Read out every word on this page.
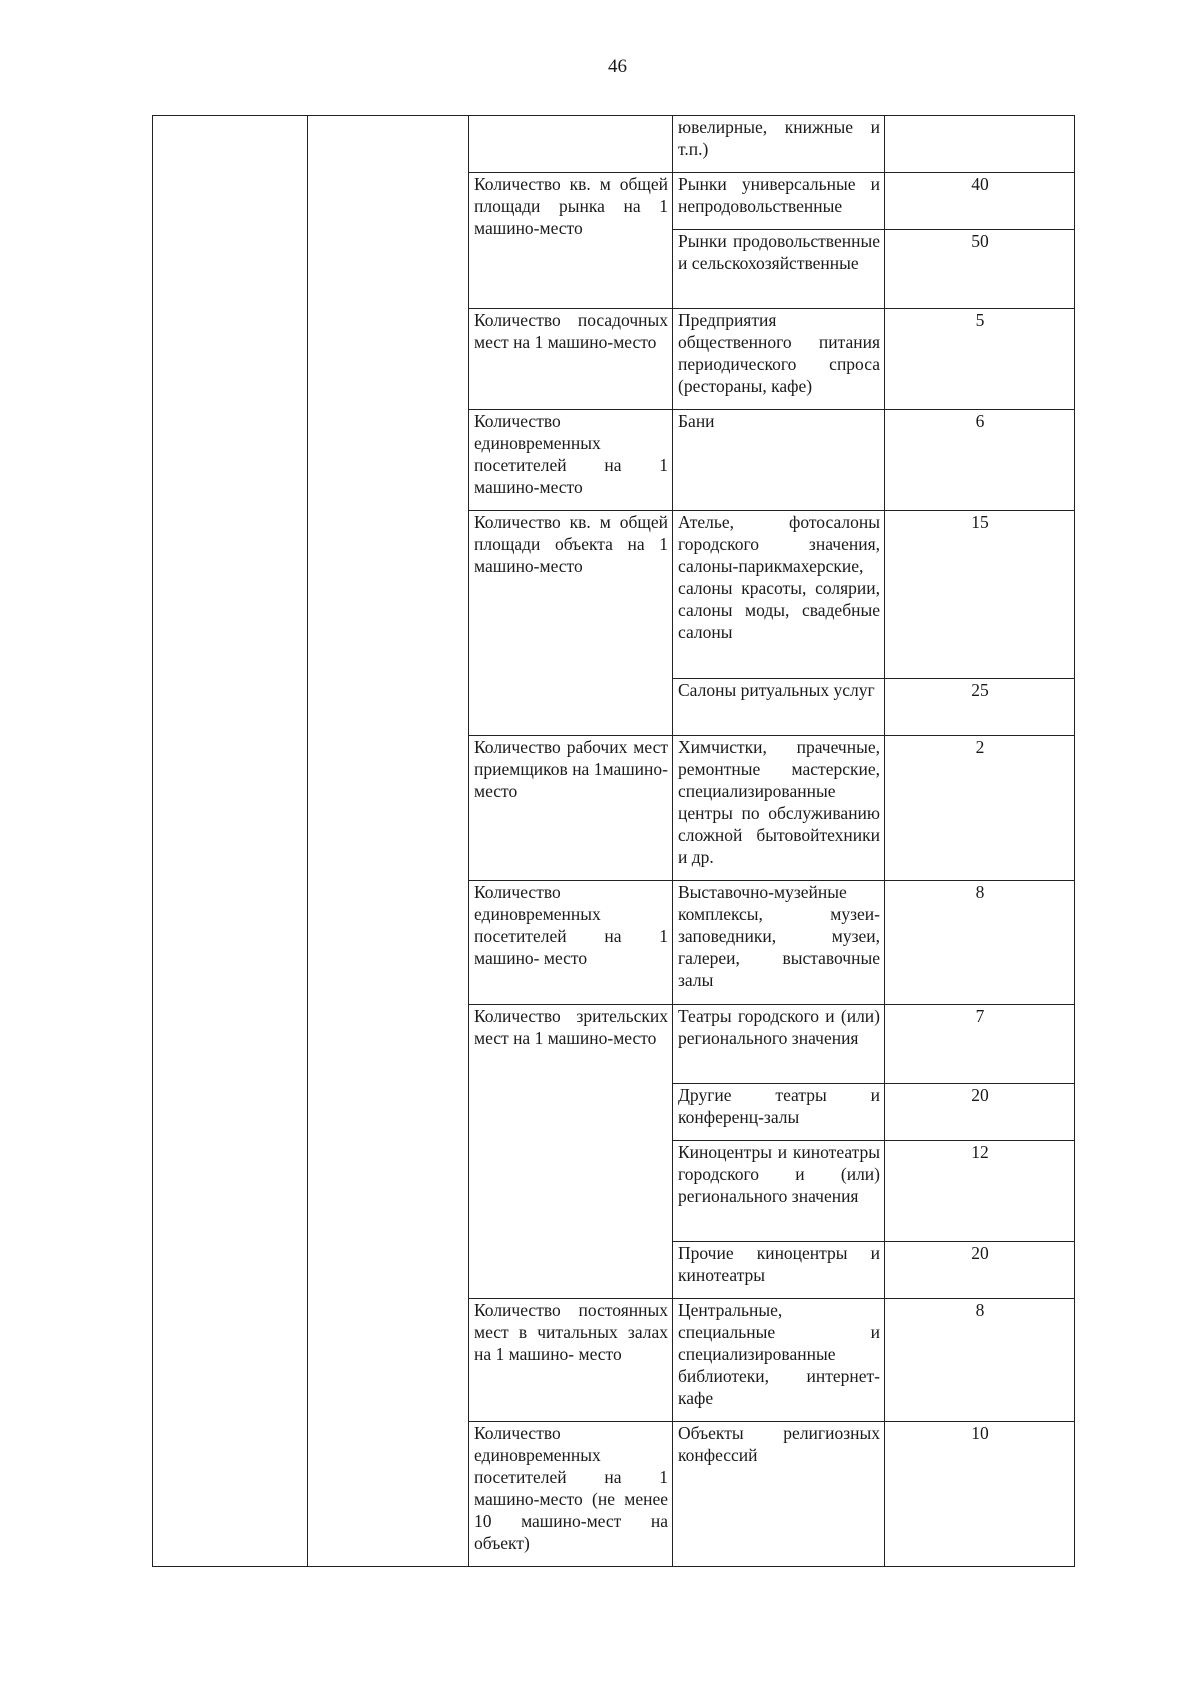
46
			ювелирные, книжные и т.п.)	
		Количество кв. м общей площади рынка на 1 машино-место	Рынки универсальные и непродовольственные	40
			Рынки продовольственные и сельскохозяйственные	50
		Количество посадочных мест на 1 машино-место	Предприятия общественного питания периодического спроса (рестораны, кафе)	5
		Количество единовременных посетителей на 1 машино-место	Бани	6
		Количество кв. м общей площади объекта на 1 машино-место	Ателье, фотосалоны городского значения, салоны-парикмахерские, салоны красоты, солярии, салоны моды, свадебные салоны	15
			Салоны ритуальных услуг	25
		Количество рабочих мест приемщиков на 1машино-место	Химчистки, прачечные, ремонтные мастерские, специализированные центры по обслуживанию сложной бытовойтехники и др.	2
		Количество единовременных посетителей на 1 машино- место	Выставочно-музейные комплексы, музеи-заповедники, музеи, галереи, выставочные залы	8
		Количество зрительских мест на 1 машино-место	Театры городского и (или) регионального значения	7
			Другие театры и конференц-залы	20
			Киноцентры и кинотеатры городского и (или) регионального значения	12
			Прочие киноцентры и кинотеатры	20
		Количество постоянных мест в читальных залах на 1 машино- место	Центральные, специальные и специализированные библиотеки, интернет-кафе	8
		Количество единовременных посетителей на 1 машино-место (не менее 10 машино-мест на объект)	Объекты религиозных конфессий	10
